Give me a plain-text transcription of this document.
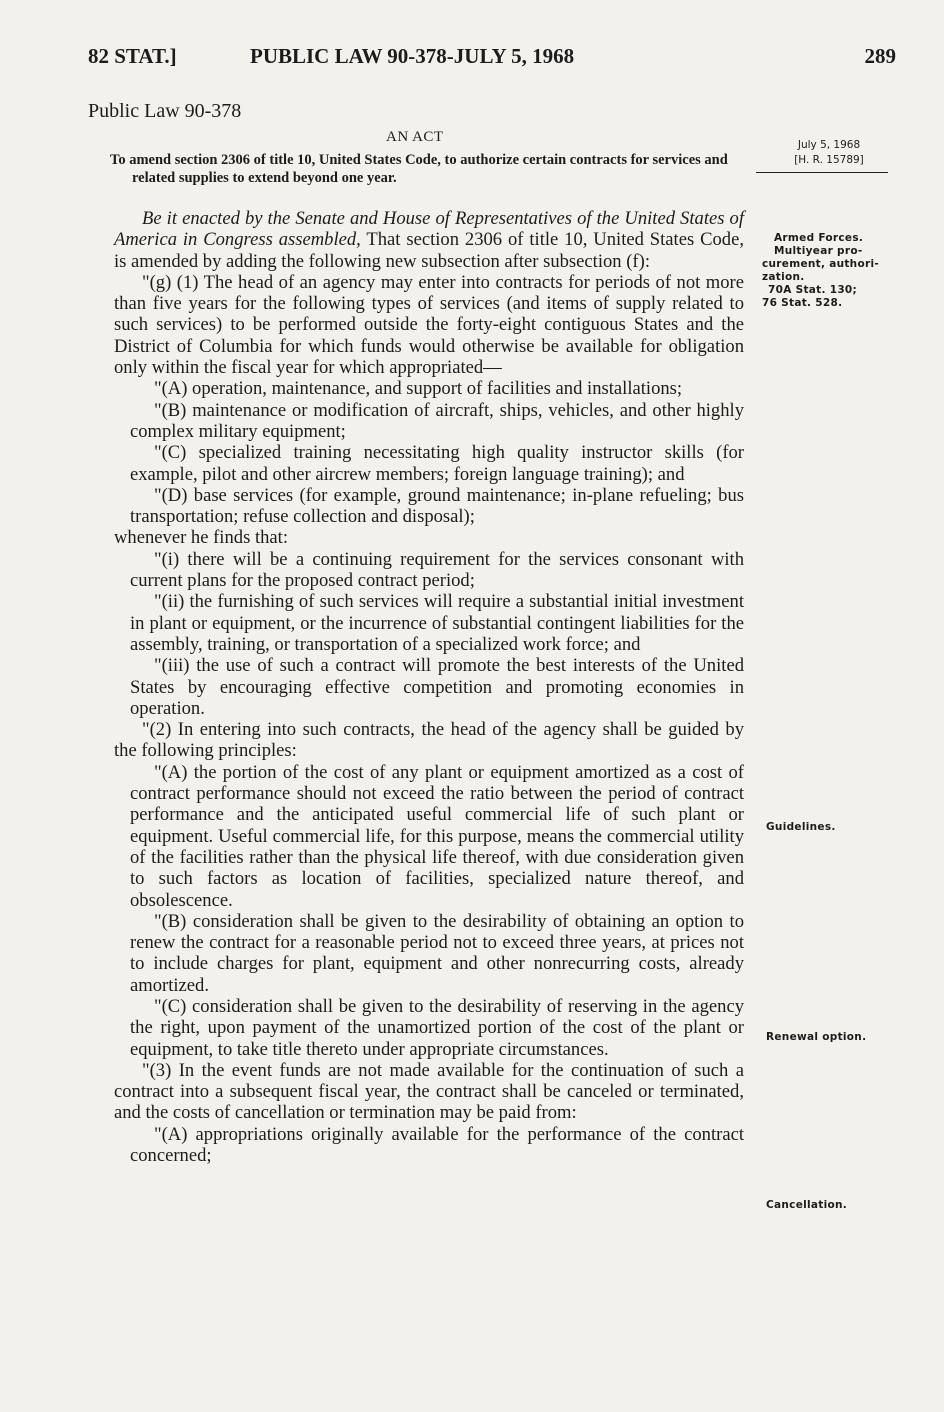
82 STAT.]	PUBLIC LAW 90-378-JULY 5, 1968	289
Public Law 90-378
AN ACT
To amend section 2306 of title 10, United States Code, to authorize certain contracts for services and related supplies to extend beyond one year.
July 5, 1968
[H. R. 15789]

Be it enacted by the Senate and House of Representatives of the United States of America in Congress assembled, That section 2306 of title 10, United States Code, is amended by adding the following new subsection after subsection (f):

"(g) (1) The head of an agency may enter into contracts for periods of not more than five years for the following types of services (and items of supply related to such services) to be performed outside the forty-eight contiguous States and the District of Columbia for which funds would otherwise be available for obligation only within the fiscal year for which appropriated—

"(A) operation, maintenance, and support of facilities and installations;

"(B) maintenance or modification of aircraft, ships, vehicles, and other highly complex military equipment;

"(C) specialized training necessitating high quality instructor skills (for example, pilot and other aircrew members; foreign language training); and

"(D) base services (for example, ground maintenance; in-plane refueling; bus transportation; refuse collection and disposal);

whenever he finds that:

"(i) there will be a continuing requirement for the services consonant with current plans for the proposed contract period;

"(ii) the furnishing of such services will require a substantial initial investment in plant or equipment, or the incurrence of substantial contingent liabilities for the assembly, training, or transportation of a specialized work force; and

"(iii) the use of such a contract will promote the best interests of the United States by encouraging effective competition and promoting economies in operation.

"(2) In entering into such contracts, the head of the agency shall be guided by the following principles:

"(A) the portion of the cost of any plant or equipment amortized as a cost of contract performance should not exceed the ratio between the period of contract performance and the anticipated useful commercial life of such plant or equipment. Useful commercial life, for this purpose, means the commercial utility of the facilities rather than the physical life thereof, with due consideration given to such factors as location of facilities, specialized nature thereof, and obsolescence.

"(B) consideration shall be given to the desirability of obtaining an option to renew the contract for a reasonable period not to exceed three years, at prices not to include charges for plant, equipment and other nonrecurring costs, already amortized.

"(C) consideration shall be given to the desirability of reserving in the agency the right, upon payment of the unamortized portion of the cost of the plant or equipment, to take title thereto under appropriate circumstances.

"(3) In the event funds are not made available for the continuation of such a contract into a subsequent fiscal year, the contract shall be canceled or terminated, and the costs of cancellation or termination may be paid from:

"(A) appropriations originally available for the performance of the contract concerned;

Armed Forces.
Multiyear pro-
curement, authori-
zation.
70A Stat. 130;
76 Stat. 528.
Guidelines.
Renewal option.
Cancellation.
